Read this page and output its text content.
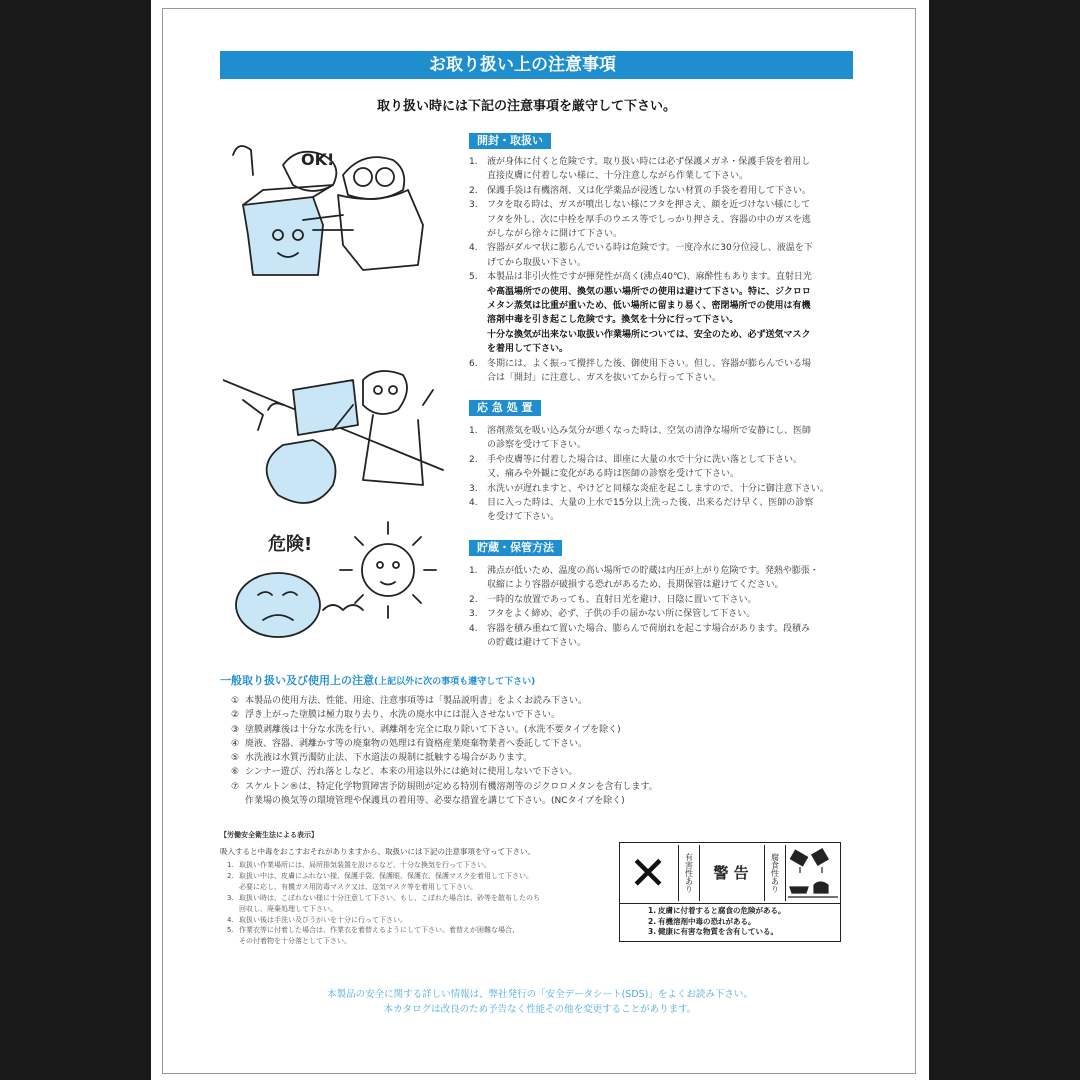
お取り扱い上の注意事項
取り扱い時には下記の注意事項を厳守して下さい。
開封・取扱い
1. 液が身体に付くと危険です。取り扱い時には必ず保護メガネ・保護手袋を着用し
直接皮膚に付着しない様に、十分注意しながら作業して下さい。
2. 保護手袋は有機溶剤、又は化学薬品が浸透しない材質の手袋を着用して下さい。
3. フタを取る時は、ガスが噴出しない様にフタを押さえ、顔を近づけない様にして
フタを外し、次に中栓を厚手のウエス等でしっかり押さえ、容器の中のガスを逃
がしながら徐々に開けて下さい。
4. 容器がダルマ状に膨らんでいる時は危険です。一度冷水に30分位浸し、液温を下
げてから取扱い下さい。
5. 本製品は非引火性ですが揮発性が高く(沸点40℃)、麻酔性もあります。直射日光
や高温場所での使用、換気の悪い場所での使用は避けて下さい。特に、ジクロロ
メタン蒸気は比重が重いため、低い場所に留まり易く、密閉場所での使用は有機
溶剤中毒を引き起こし危険です。換気を十分に行って下さい。
十分な換気が出来ない取扱い作業場所については、安全のため、必ず送気マスク
を着用して下さい。
6. 冬期には、よく振って攪拌した後、御使用下さい。但し、容器が膨らんでいる場
合は「開封」に注意し、ガスを抜いてから行って下さい。
応 急 処 置
1. 溶剤蒸気を吸い込み気分が悪くなった時は、空気の清浄な場所で安静にし、医師
の診察を受けて下さい。
2. 手や皮膚等に付着した場合は、即座に大量の水で十分に洗い落として下さい。
又、痛みや外観に変化がある時は医師の診察を受けて下さい。
3. 水洗いが遅れますと、やけどと同様な炎症を起こしますので、十分に御注意下さい。
4. 目に入った時は、大量の上水で15分以上洗った後、出来るだけ早く、医師の診察
を受けて下さい。
貯蔵・保管方法
1. 沸点が低いため、温度の高い場所での貯蔵は内圧が上がり危険です。発熱や膨張・
収縮により容器が破損する恐れがあるため、長期保管は避けてください。
2. 一時的な放置であっても、直射日光を避け、日陰に置いて下さい。
3. フタをよく締め、必ず、子供の手の届かない所に保管して下さい。
4. 容器を積み重ねて置いた場合、膨らんで荷崩れを起こす場合があります。段積み
の貯蔵は避けて下さい。
OK!
危険!
一般取り扱い及び使用上の注意(上記以外に次の事項も遵守して下さい)
① 本製品の使用方法、性能、用途、注意事項等は「製品説明書」をよくお読み下さい。
② 浮き上がった塗膜は極力取り去り、水洗の廃水中には混入させないで下さい。
③ 塗膜剥離後は十分な水洗を行い、剥離剤を完全に取り除いて下さい。(水洗不要タイプを除く)
④ 廃液、容器、剥離かす等の廃棄物の処理は有資格産業廃棄物業者へ委託して下さい。
⑤ 水洗液は水質汚濁防止法、下水道法の規制に抵触する場合があります。
⑥ シンナー遊び、汚れ落としなど、本来の用途以外には絶対に使用しないで下さい。
⑦ スケルトン®は、特定化学物質障害予防規則が定める特別有機溶剤等のジクロロメタンを含有します。
作業場の換気等の環境管理や保護具の着用等、必要な措置を講じて下さい。(NCタイプを除く)
【労働安全衛生法による表示】
吸入すると中毒をおこすおそれがありますから、取扱いには下記の注意事項を守って下さい。
1. 取扱い作業場所には、局所排気装置を設けるなど、十分な換気を行って下さい。
2. 取扱い中は、皮膚にふれない様、保護手袋、保護眼、保護衣、保護マスクを着用して下さい。
必要に応し、有機ガス用防毒マスク又は、送気マスク等を着用して下さい。
3. 取扱い時は、こぼれない様に十分注意して下さい。もし、こぼれた場合は、砂等を散布したのち
回収し、廃棄処理して下さい。
4. 取扱い後は手洗い及びうがいを十分に行って下さい。
5. 作業衣等に付着した場合は、作業衣を着替えるようにして下さい。着替えが困難な場合、
その付着物を十分落として下さい。
✕	有害性あり	警 告	腐食性あり
1. 皮膚に付着すると腐食の危険がある。
2. 有機溶剤中毒の恐れがある。
3. 健康に有害な物質を含有している。
本製品の安全に関する詳しい情報は、弊社発行の「安全データシート(SDS)」をよくお読み下さい。
本カタログは改良のため予告なく性能その他を変更することがあります。
